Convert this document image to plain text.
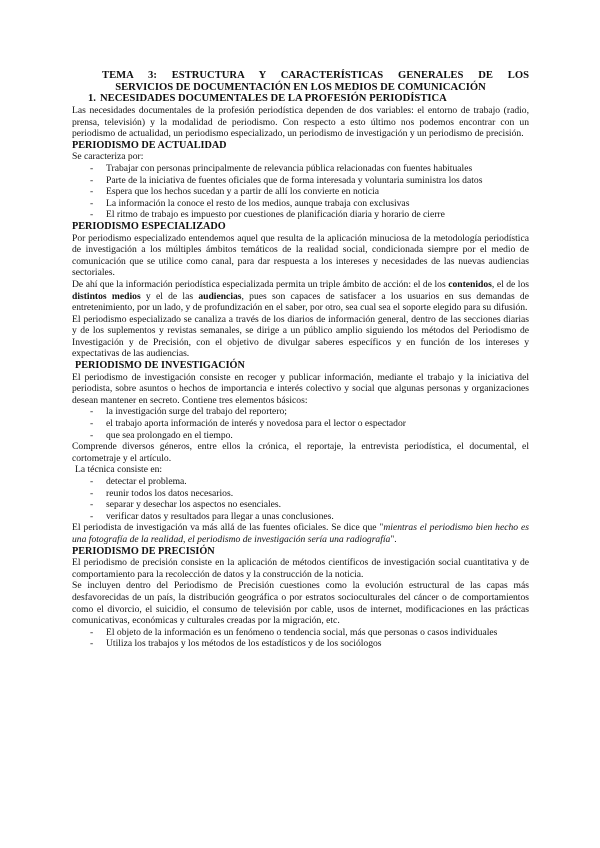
TEMA 3: ESTRUCTURA Y CARACTERÍSTICAS GENERALES DE LOS
SERVICIOS DE DOCUMENTACIÓN EN LOS MEDIOS DE COMUNICACIÓN
1. NECESIDADES DOCUMENTALES DE LA PROFESIÓN PERIODÍSTICA

Las necesidades documentales de la profesión periodística dependen de dos variables: el entorno de trabajo (radio, prensa, televisión) y la modalidad de periodismo. Con respecto a esto último nos podemos encontrar con un periodismo de actualidad, un periodismo especializado, un periodismo de investigación y un periodismo de precisión.

PERIODISMO DE ACTUALIDAD

Se caracteriza por:

-	Trabajar con personas principalmente de relevancia pública relacionadas con fuentes habituales
-	Parte de la iniciativa de fuentes oficiales que de forma interesada y voluntaria suministra los datos
-	Espera que los hechos sucedan y a partir de allí los convierte en noticia
-	La información la conoce el resto de los medios, aunque trabaja con exclusivas
-	El ritmo de trabajo es impuesto por cuestiones de planificación diaria y horario de cierre
PERIODISMO ESPECIALIZADO

Por periodismo especializado entendemos aquel que resulta de la aplicación minuciosa de la metodología periodística de investigación a los múltiples ámbitos temáticos de la realidad social, condicionada siempre por el medio de comunicación que se utilice como canal, para dar respuesta a los intereses y necesidades de las nuevas audiencias sectoriales.

De ahí que la información periodística especializada permita un triple ámbito de acción: el de los contenidos, el de los distintos medios y el de las audiencias, pues son capaces de satisfacer a los usuarios en sus demandas de entretenimiento, por un lado, y de profundización en el saber, por otro, sea cual sea el soporte elegido para su difusión.

El periodismo especializado se canaliza a través de los diarios de información general, dentro de las secciones diarias y de los suplementos y revistas semanales, se dirige a un público amplio siguiendo los métodos del Periodismo de Investigación y de Precisión, con el objetivo de divulgar saberes específicos y en función de los intereses y expectativas de las audiencias.

PERIODISMO DE INVESTIGACIÓN

El periodismo de investigación consiste en recoger y publicar información, mediante el trabajo y la iniciativa del periodista, sobre asuntos o hechos de importancia e interés colectivo y social que algunas personas y organizaciones desean mantener en secreto. Contiene tres elementos básicos:

-	la investigación surge del trabajo del reportero;
-	el trabajo aporta información de interés y novedosa para el lector o espectador
-	que sea prolongado en el tiempo.

Comprende diversos géneros, entre ellos la crónica, el reportaje, la entrevista periodística, el documental, el cortometraje y el artículo.

La técnica consiste en:

-	detectar el problema.
-	reunir todos los datos necesarios.
-	separar y desechar los aspectos no esenciales.
-	verificar datos y resultados para llegar a unas conclusiones.

El periodista de investigación va más allá de las fuentes oficiales. Se dice que "mientras el periodismo bien hecho es una fotografía de la realidad, el periodismo de investigación sería una radiografía".

PERIODISMO DE PRECISIÓN

El periodismo de precisión consiste en la aplicación de métodos científicos de investigación social cuantitativa y de comportamiento para la recolección de datos y la construcción de la noticia.

Se incluyen dentro del Periodismo de Precisión cuestiones como la evolución estructural de las capas más desfavorecidas de un país, la distribución geográfica o por estratos socioculturales del cáncer o de comportamientos como el divorcio, el suicidio, el consumo de televisión por cable, usos de internet, modificaciones en las prácticas comunicativas, económicas y culturales creadas por la migración, etc.

-	El objeto de la información es un fenómeno o tendencia social, más que personas o casos individuales
-	Utiliza los trabajos y los métodos de los estadísticos y de los sociólogos
